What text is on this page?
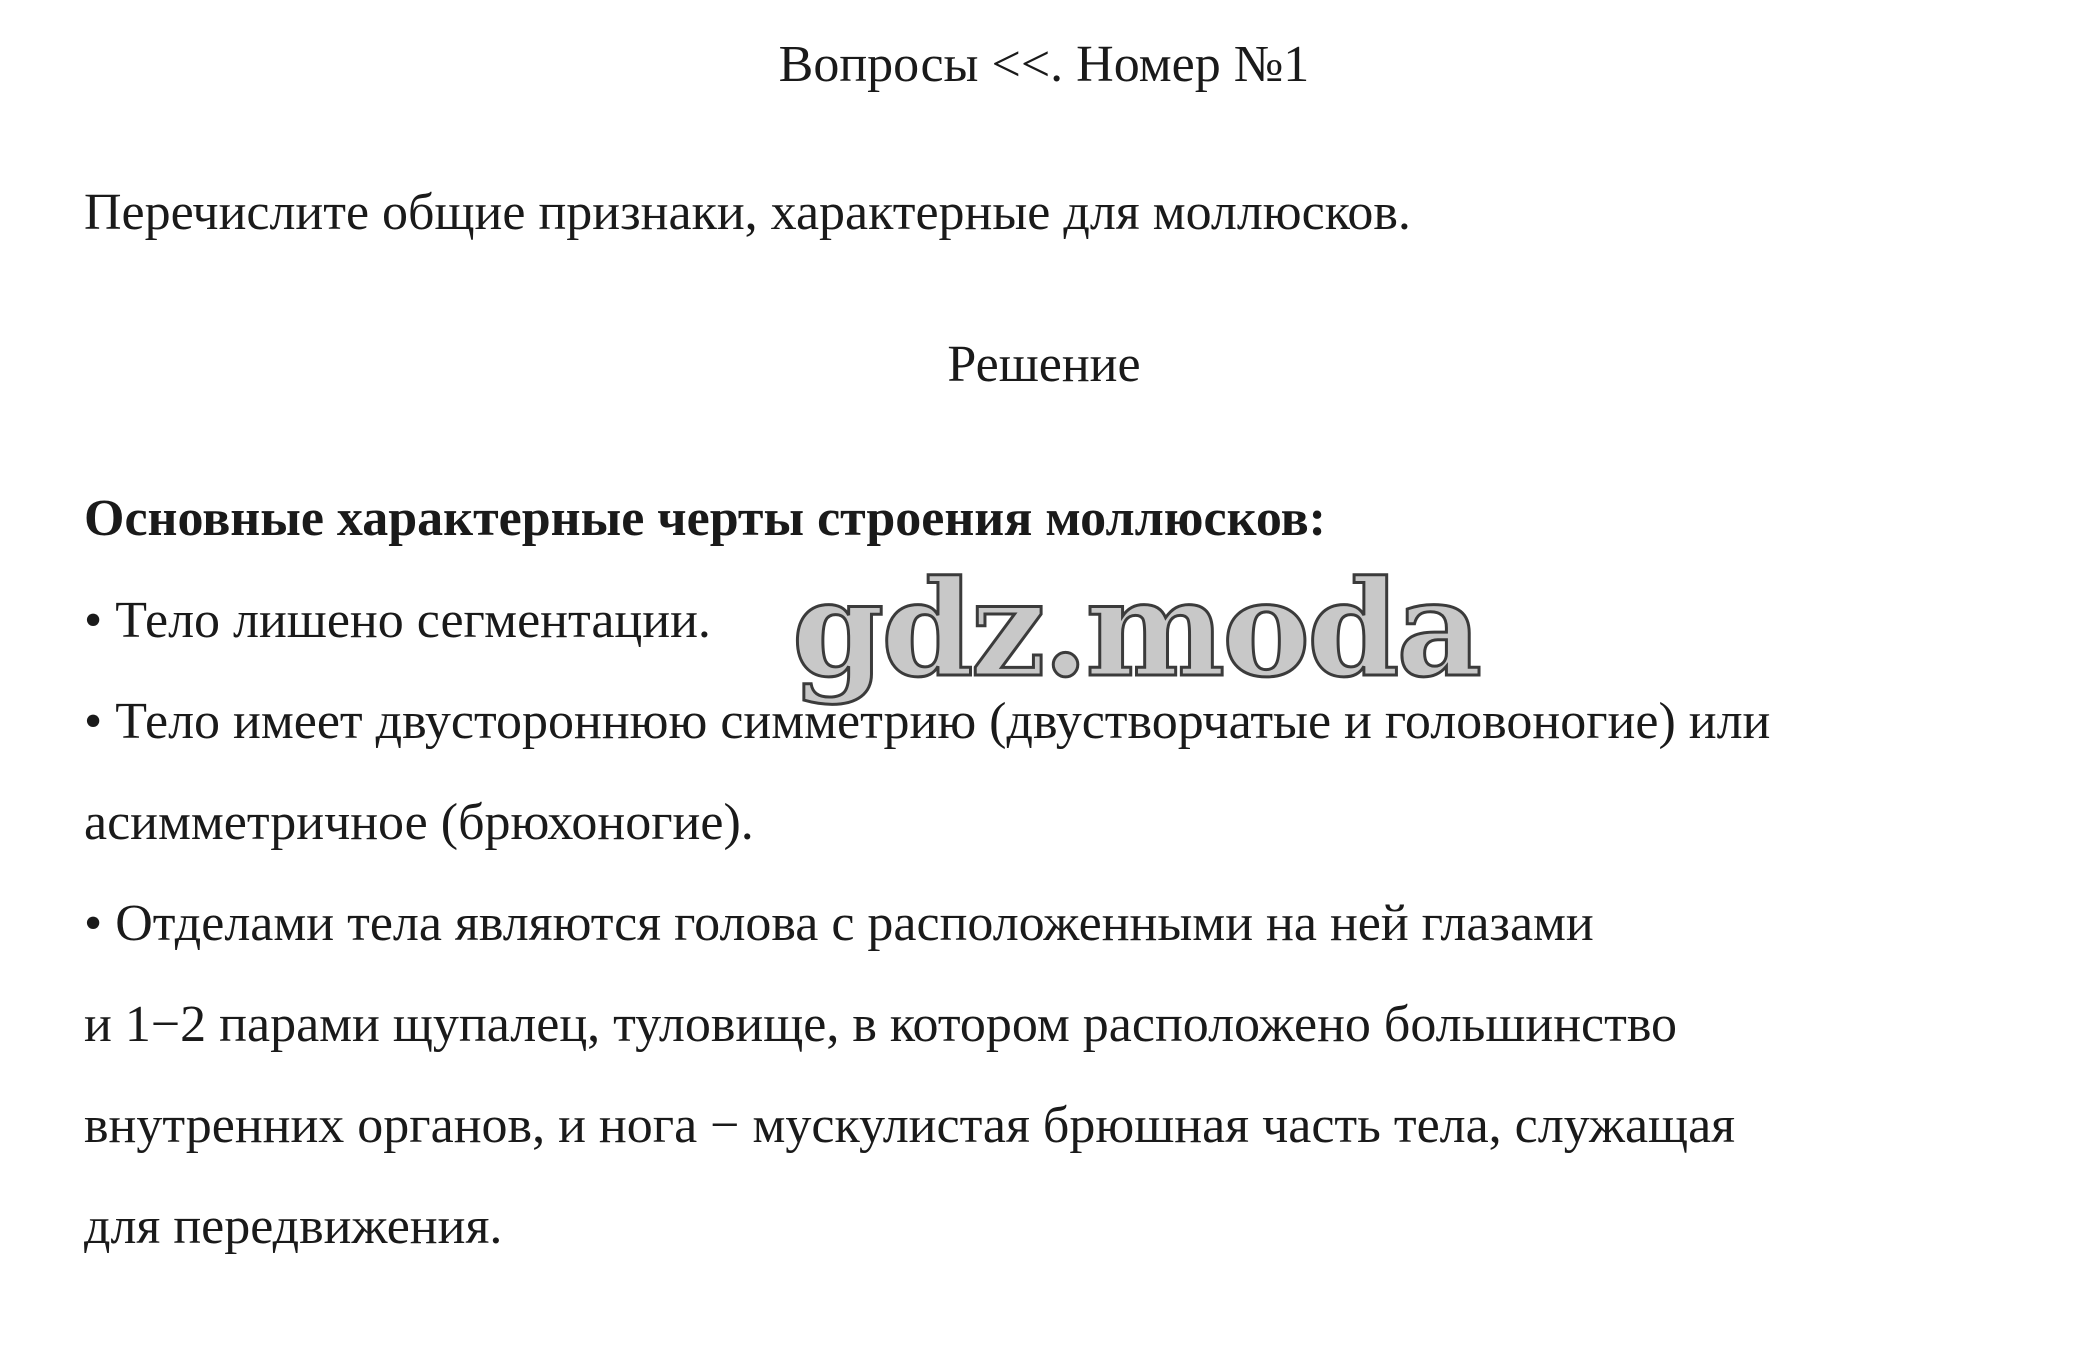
Вопросы <<. Номер №1
Перечислите общие признаки, характерные для моллюсков.
Решение
Основные характерные черты строения моллюсков:
• Тело лишено сегментации.
• Тело имеет двустороннюю симметрию (двустворчатые и головоногие) или
асимметричное (брюхоногие).
• Отделами тела являются голова с расположенными на ней глазами
и 1−2 парами щупалец, туловище, в котором расположено большинство
внутренних органов, и нога − мускулистая брюшная часть тела, служащая
для передвижения.
gdz.moda
